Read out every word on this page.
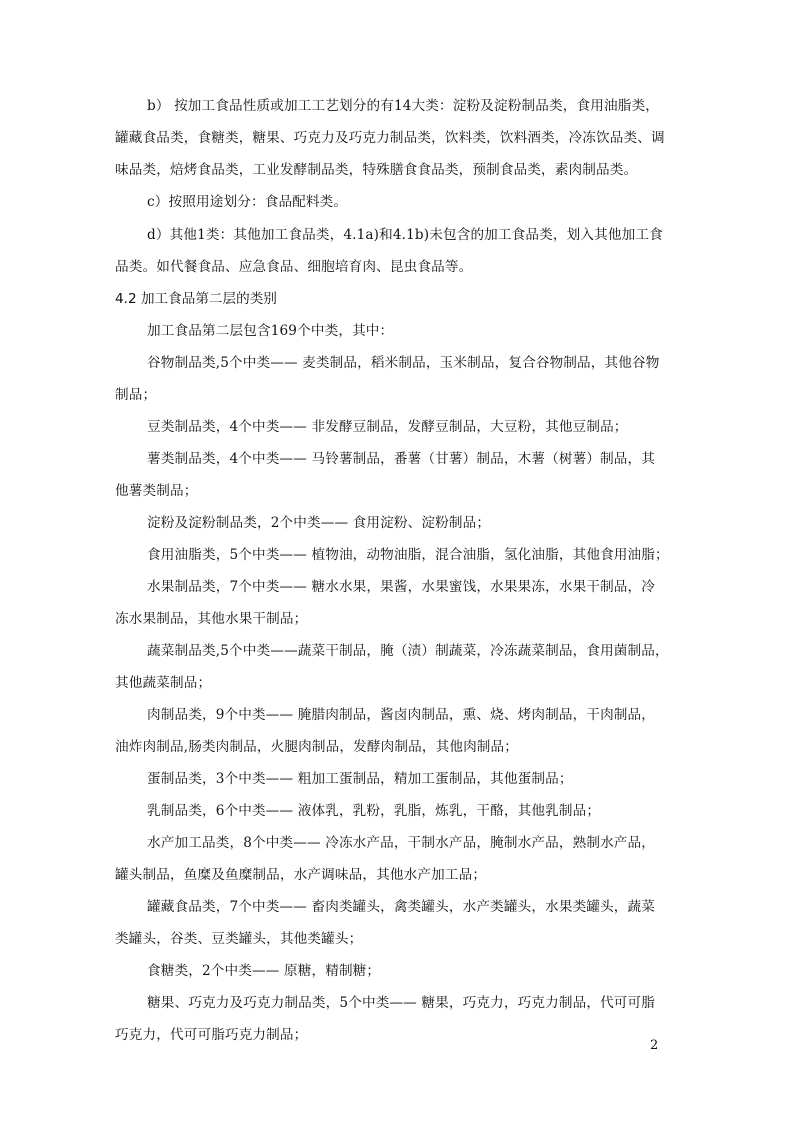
b） 按加工食品性质或加工工艺划分的有14大类：淀粉及淀粉制品类，食用油脂类，
罐藏食品类，食糖类，糖果、巧克力及巧克力制品类，饮料类，饮料酒类，冷冻饮品类、调
味品类，焙烤食品类，工业发酵制品类，特殊膳食食品类，预制食品类，素肉制品类。
c）按照用途划分：食品配料类。
d）其他1类：其他加工食品类，4.1a)和4.1b)未包含的加工食品类，划入其他加工食
品类。如代餐食品、应急食品、细胞培育肉、昆虫食品等。
4.2 加工食品第二层的类别
加工食品第二层包含169个中类，其中：
谷物制品类,5个中类—— 麦类制品，稻米制品，玉米制品，复合谷物制品，其他谷物
制品；
豆类制品类，4个中类—— 非发酵豆制品，发酵豆制品，大豆粉，其他豆制品；
薯类制品类，4个中类—— 马铃薯制品，番薯（甘薯）制品，木薯（树薯）制品，其
他薯类制品；
淀粉及淀粉制品类，2个中类—— 食用淀粉、淀粉制品；
食用油脂类，5个中类—— 植物油，动物油脂，混合油脂，氢化油脂，其他食用油脂；
水果制品类，7个中类—— 糖水水果，果酱，水果蜜饯，水果果冻，水果干制品，冷
冻水果制品，其他水果干制品；
蔬菜制品类,5个中类——蔬菜干制品，腌（渍）制蔬菜，冷冻蔬菜制品，食用菌制品，
其他蔬菜制品；
肉制品类，9个中类—— 腌腊肉制品，酱卤肉制品，熏、烧、烤肉制品，干肉制品，
油炸肉制品,肠类肉制品，火腿肉制品，发酵肉制品，其他肉制品；
蛋制品类，3个中类—— 粗加工蛋制品，精加工蛋制品，其他蛋制品；
乳制品类，6个中类—— 液体乳，乳粉，乳脂，炼乳，干酪，其他乳制品；
水产加工品类，8个中类—— 冷冻水产品，干制水产品，腌制水产品，熟制水产品，
罐头制品，鱼糜及鱼糜制品，水产调味品，其他水产加工品；
罐藏食品类，7个中类—— 畜肉类罐头，禽类罐头，水产类罐头，水果类罐头，蔬菜
类罐头，谷类、豆类罐头，其他类罐头；
食糖类，2个中类—— 原糖，精制糖；
糖果、巧克力及巧克力制品类，5个中类—— 糖果，巧克力，巧克力制品，代可可脂
巧克力，代可可脂巧克力制品；
2
